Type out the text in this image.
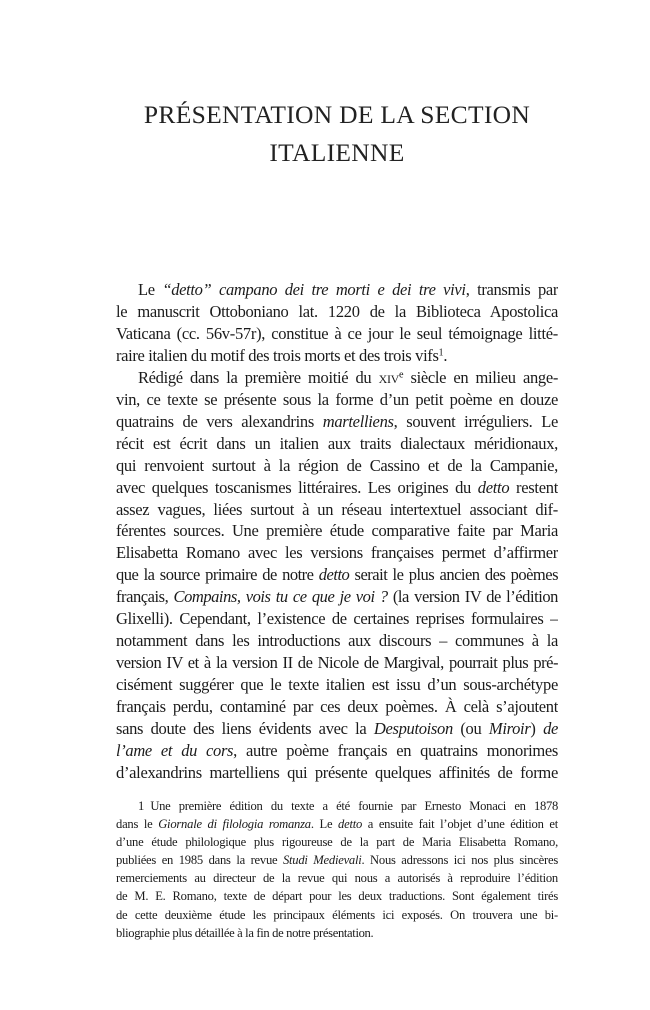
PRÉSENTATION DE LA SECTION
ITALIENNE
Le “detto” campano dei tre morti e dei tre vivi, transmis par
le manuscrit Ottoboniano lat. 1220 de la Biblioteca Apostolica
Vaticana (cc. 56v-57r), constitue à ce jour le seul témoignage litté-
raire italien du motif des trois morts et des trois vifs$^1$.
Rédigé dans la première moitié du xiv$^e$ siècle en milieu ange-
vin, ce texte se présente sous la forme d’un petit poème en douze
quatrains de vers alexandrins martelliens, souvent irréguliers. Le
récit est écrit dans un italien aux traits dialectaux méridionaux,
qui renvoient surtout à la région de Cassino et de la Campanie,
avec quelques toscanismes littéraires. Les origines du detto restent
assez vagues, liées surtout à un réseau intertextuel associant dif-
férentes sources. Une première étude comparative faite par Maria
Elisabetta Romano avec les versions françaises permet d’affirmer
que la source primaire de notre detto serait le plus ancien des poèmes
français, Compains, vois tu ce que je voi ? (la version IV de l’édition
Glixelli). Cependant, l’existence de certaines reprises formulaires –
notamment dans les introductions aux discours – communes à la
version IV et à la version II de Nicole de Margival, pourrait plus pré-
cisément suggérer que le texte italien est issu d’un sous-archétype
français perdu, contaminé par ces deux poèmes. À celà s’ajoutent
sans doute des liens évidents avec la Desputoison (ou Miroir) de
l’ame et du cors, autre poème français en quatrains monorimes
d’alexandrins martelliens qui présente quelques affinités de forme
1 Une première édition du texte a été fournie par Ernesto Monaci en 1878
dans le Giornale di filologia romanza. Le detto a ensuite fait l’objet d’une édition et
d’une étude philologique plus rigoureuse de la part de Maria Elisabetta Romano,
publiées en 1985 dans la revue Studi Medievali. Nous adressons ici nos plus sincères
remerciements au directeur de la revue qui nous a autorisés à reproduire l’édition
de M. E. Romano, texte de départ pour les deux traductions. Sont également tirés
de cette deuxième étude les principaux éléments ici exposés. On trouvera une bi-
bliographie plus détaillée à la fin de notre présentation.
